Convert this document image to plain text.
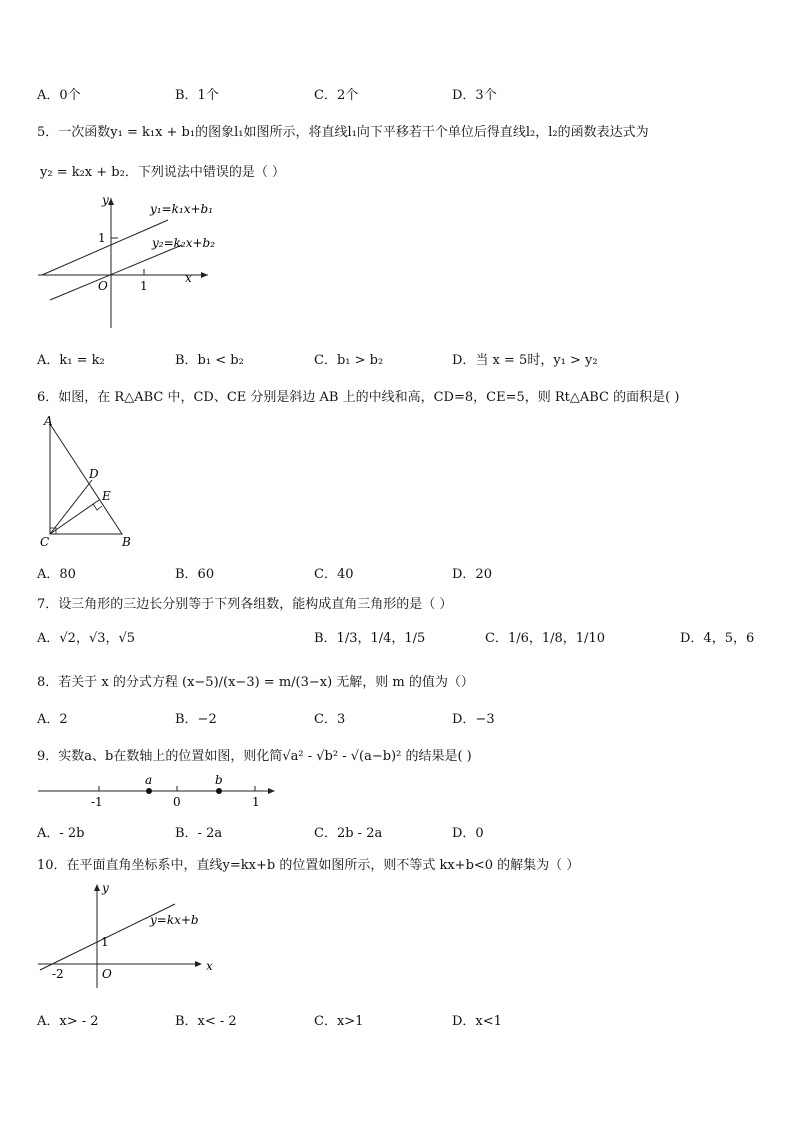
A．0个	B．1个	C．2个	D．3个
5．一次函数y₁ = k₁x + b₁的图象l₁如图所示，将直线l₁向下平移若干个单位后得直线l₂，l₂的函数表达式为
y₂ = k₂x + b₂．下列说法中错误的是（ ）
y
x
O	1
1
y₁=k₁x+b₁
y₂=k₂x+b₂
A．k₁ = k₂	B．b₁ < b₂	C．b₁ > b₂	D．当 x = 5时，y₁ > y₂
6．如图，在 R△ABC 中，CD、CE 分别是斜边 AB 上的中线和高，CD=8，CE=5，则 Rt△ABC 的面积是( )
A
B
C
D
E
A．80	B．60	C．40	D．20
7．设三角形的三边长分别等于下列各组数，能构成直角三角形的是（ ）
A．√2，√3，√5	B．1/3，1/4，1/5	C．1/6，1/8，1/10	D．4，5，6
8．若关于 x 的分式方程 (x−5)/(x−3) = m/(3−x) 无解，则 m 的值为（）
A．2	B．−2	C．3	D．−3
9．实数a、b在数轴上的位置如图，则化简√a² - √b² - √(a−b)² 的结果是( )
-1	0	1
a	b
A．- 2b	B．- 2a	C．2b - 2a	D．0
10．在平面直角坐标系中，直线y=kx+b 的位置如图所示，则不等式 kx+b<0 的解集为（ ）
y
x
O
-2
1
y=kx+b
A．x> - 2	B．x< - 2	C．x>1	D．x<1
